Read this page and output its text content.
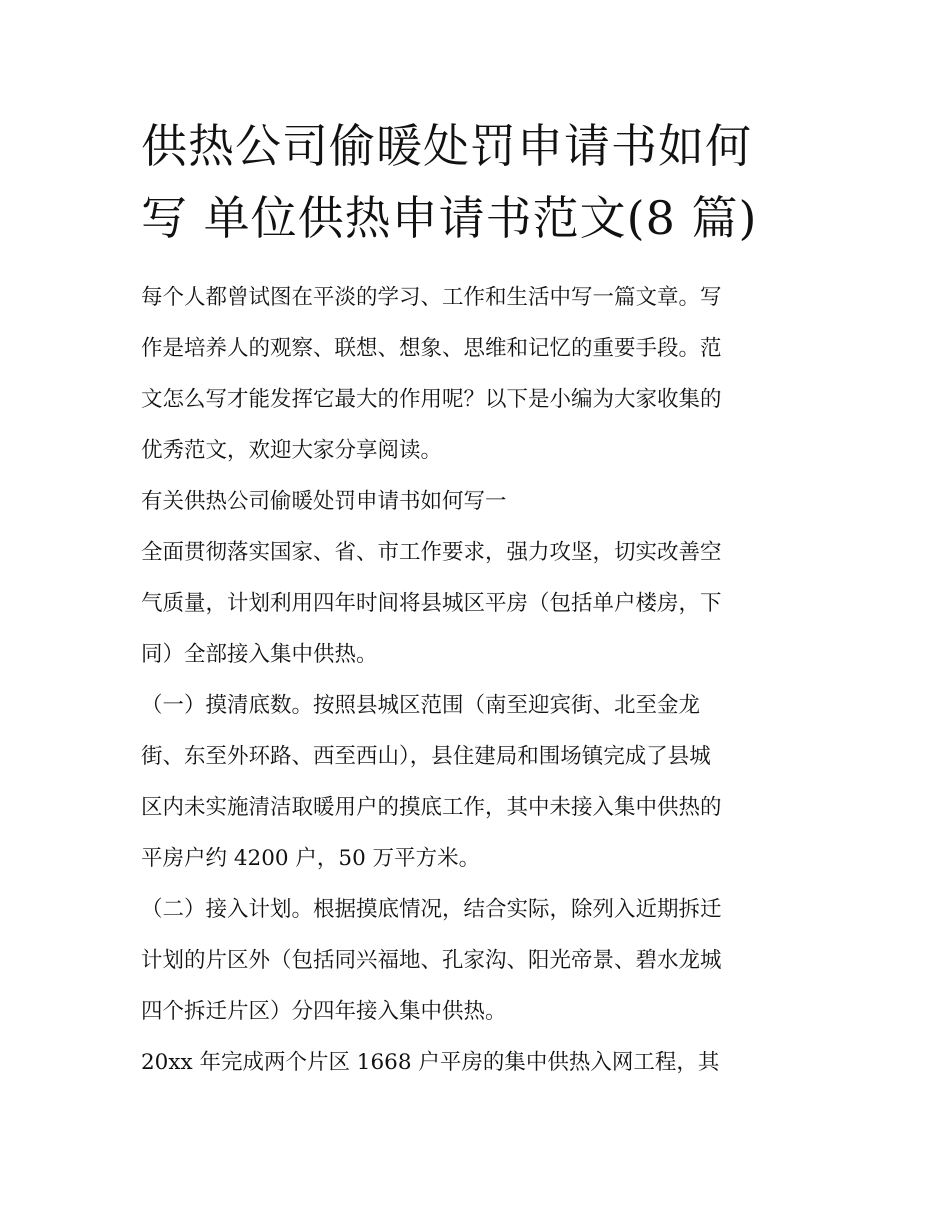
供热公司偷暖处罚申请书如何
写 单位供热申请书范文(8 篇)

每个人都曾试图在平淡的学习、工作和生活中写一篇文章。写
作是培养人的观察、联想、想象、思维和记忆的重要手段。范
文怎么写才能发挥它最大的作用呢？以下是小编为大家收集的
优秀范文，欢迎大家分享阅读。

有关供热公司偷暖处罚申请书如何写一

全面贯彻落实国家、省、市工作要求，强力攻坚，切实改善空
气质量，计划利用四年时间将县城区平房（包括单户楼房，下
同）全部接入集中供热。

（一）摸清底数。按照县城区范围（南至迎宾街、北至金龙
街、东至外环路、西至西山），县住建局和围场镇完成了县城
区内未实施清洁取暖用户的摸底工作，其中未接入集中供热的
平房户约 4200 户，50 万平方米。

（二）接入计划。根据摸底情况，结合实际，除列入近期拆迁
计划的片区外（包括同兴福地、孔家沟、阳光帝景、碧水龙城
四个拆迁片区）分四年接入集中供热。

20xx 年完成两个片区 1668 户平房的集中供热入网工程，其
